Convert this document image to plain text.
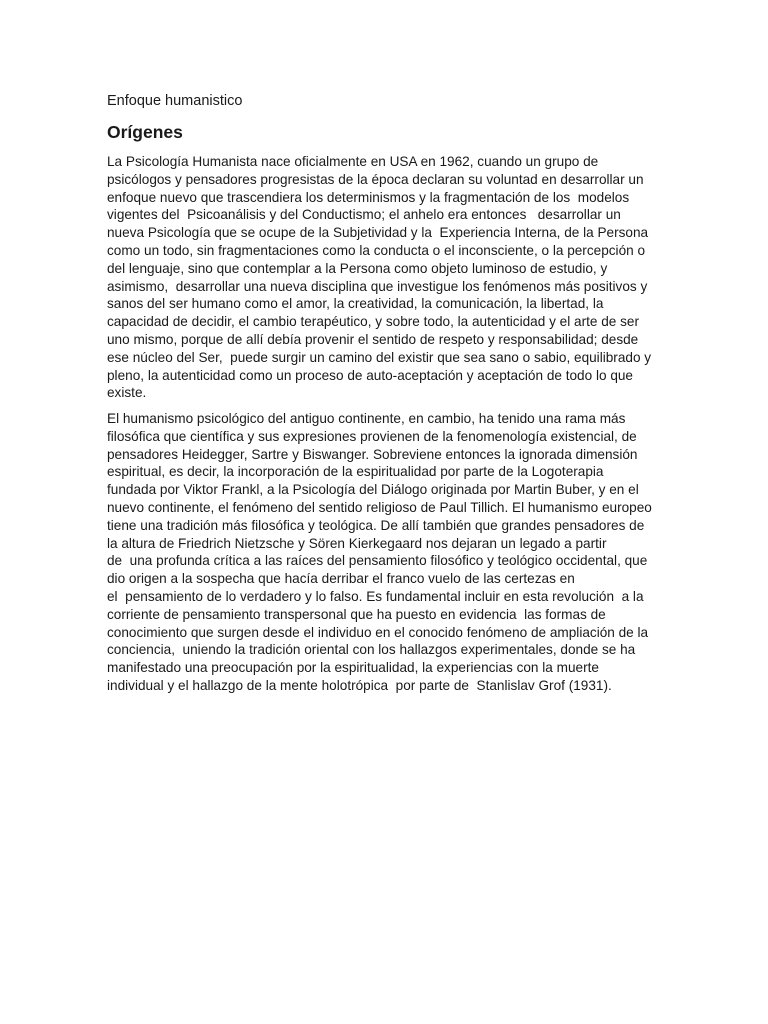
Enfoque humanistico

Orígenes

La Psicología Humanista nace oficialmente en USA en 1962, cuando un grupo de
psicólogos y pensadores progresistas de la época declaran su voluntad en desarrollar un
enfoque nuevo que trascendiera los determinismos y la fragmentación de los  modelos
vigentes del  Psicoanálisis y del Conductismo; el anhelo era entonces   desarrollar un
nueva Psicología que se ocupe de la Subjetividad y la  Experiencia Interna, de la Persona
como un todo, sin fragmentaciones como la conducta o el inconsciente, o la percepción o
del lenguaje, sino que contemplar a la Persona como objeto luminoso de estudio, y
asimismo,  desarrollar una nueva disciplina que investigue los fenómenos más positivos y
sanos del ser humano como el amor, la creatividad, la comunicación, la libertad, la
capacidad de decidir, el cambio terapéutico, y sobre todo, la autenticidad y el arte de ser
uno mismo, porque de allí debía provenir el sentido de respeto y responsabilidad; desde
ese núcleo del Ser,  puede surgir un camino del existir que sea sano o sabio, equilibrado y
pleno, la autenticidad como un proceso de auto-aceptación y aceptación de todo lo que
existe.

El humanismo psicológico del antiguo continente, en cambio, ha tenido una rama más
filosófica que científica y sus expresiones provienen de la fenomenología existencial, de
pensadores Heidegger, Sartre y Biswanger. Sobreviene entonces la ignorada dimensión
espiritual, es decir, la incorporación de la espiritualidad por parte de la Logoterapia
fundada por Viktor Frankl, a la Psicología del Diálogo originada por Martin Buber, y en el
nuevo continente, el fenómeno del sentido religioso de Paul Tillich. El humanismo europeo
tiene una tradición más filosófica y teológica. De allí también que grandes pensadores de
la altura de Friedrich Nietzsche y Sören Kierkegaard nos dejaran un legado a partir
de  una profunda crítica a las raíces del pensamiento filosófico y teológico occidental, que
dio origen a la sospecha que hacía derribar el franco vuelo de las certezas en
el  pensamiento de lo verdadero y lo falso. Es fundamental incluir en esta revolución  a la
corriente de pensamiento transpersonal que ha puesto en evidencia  las formas de
conocimiento que surgen desde el individuo en el conocido fenómeno de ampliación de la
conciencia,  uniendo la tradición oriental con los hallazgos experimentales, donde se ha
manifestado una preocupación por la espiritualidad, la experiencias con la muerte
individual y el hallazgo de la mente holotrópica  por parte de  Stanlislav Grof (1931).
